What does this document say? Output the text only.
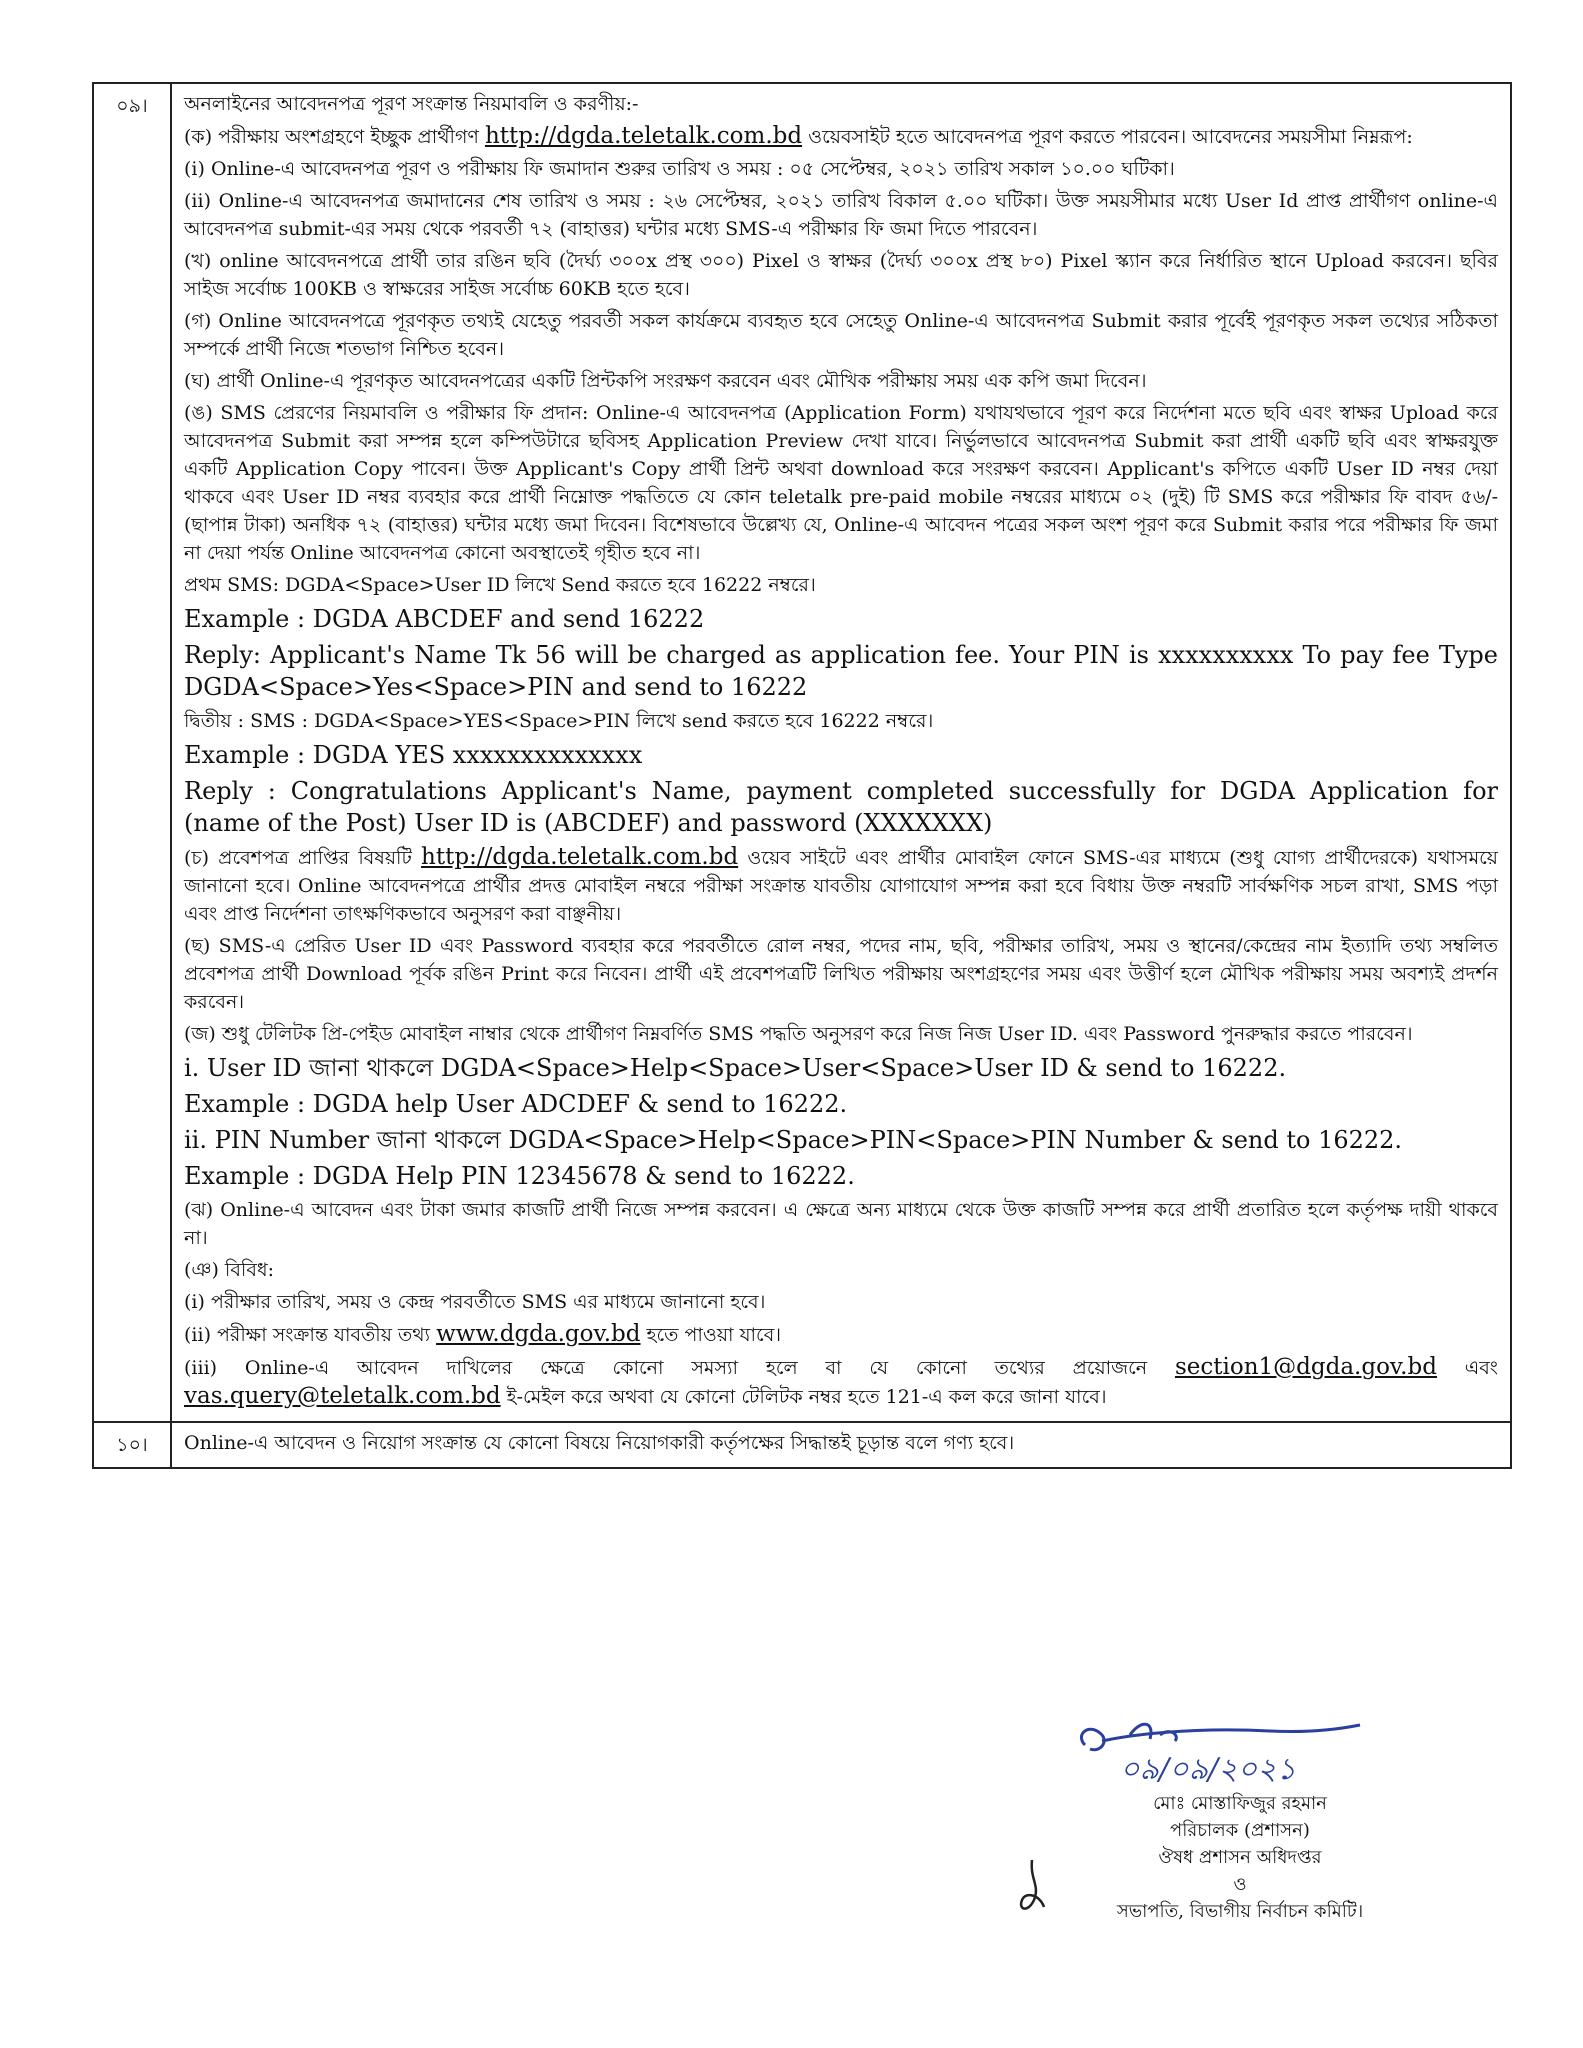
০৯।	অনলাইনের আবেদনপত্র পূরণ সংক্রান্ত নিয়মাবলি ও করণীয়:-

(ক) পরীক্ষায় অংশগ্রহণে ইচ্ছুক প্রার্থীগণ http://dgda.teletalk.com.bd ওয়েবসাইট হতে আবেদনপত্র পূরণ করতে পারবেন। আবেদনের সময়সীমা নিম্নরূপ:

(i) Online-এ আবেদনপত্র পূরণ ও পরীক্ষায় ফি জমাদান শুরুর তারিখ ও সময় : ০৫ সেপ্টেম্বর, ২০২১ তারিখ সকাল ১০.০০ ঘটিকা।

(ii) Online-এ আবেদনপত্র জমাদানের শেষ তারিখ ও সময় : ২৬ সেপ্টেম্বর, ২০২১ তারিখ বিকাল ৫.০০ ঘটিকা। উক্ত সময়সীমার মধ্যে User Id প্রাপ্ত প্রার্থীগণ online-এ আবেদনপত্র submit-এর সময় থেকে পরবর্তী ৭২ (বাহাত্তর) ঘন্টার মধ্যে SMS-এ পরীক্ষার ফি জমা দিতে পারবেন।

(খ) online আবেদনপত্রে প্রার্থী তার রঙিন ছবি (দৈর্ঘ্য ৩০০x প্রস্থ ৩০০) Pixel ও স্বাক্ষর (দৈর্ঘ্য ৩০০x প্রস্থ ৮০) Pixel স্ক্যান করে নির্ধারিত স্থানে Upload করবেন। ছবির সাইজ সর্বোচ্চ 100KB ও স্বাক্ষরের সাইজ সর্বোচ্চ 60KB হতে হবে।

(গ) Online আবেদনপত্রে পূরণকৃত তথ্যই যেহেতু পরবর্তী সকল কার্যক্রমে ব্যবহৃত হবে সেহেতু Online-এ আবেদনপত্র Submit করার পূর্বেই পূরণকৃত সকল তথ্যের সঠিকতা সম্পর্কে প্রার্থী নিজে শতভাগ নিশ্চিত হবেন।

(ঘ) প্রার্থী Online-এ পূরণকৃত আবেদনপত্রের একটি প্রিন্টকপি সংরক্ষণ করবেন এবং মৌখিক পরীক্ষায় সময় এক কপি জমা দিবেন।

(ঙ) SMS প্রেরণের নিয়মাবলি ও পরীক্ষার ফি প্রদান: Online-এ আবেদনপত্র (Application Form) যথাযথভাবে পূরণ করে নির্দেশনা মতে ছবি এবং স্বাক্ষর Upload করে আবেদনপত্র Submit করা সম্পন্ন হলে কম্পিউটারে ছবিসহ Application Preview দেখা যাবে। নির্ভুলভাবে আবেদনপত্র Submit করা প্রার্থী একটি ছবি এবং স্বাক্ষরযুক্ত একটি Application Copy পাবেন। উক্ত Applicant's Copy প্রার্থী প্রিন্ট অথবা download করে সংরক্ষণ করবেন। Applicant's কপিতে একটি User ID নম্বর দেয়া থাকবে এবং User ID নম্বর ব্যবহার করে প্রার্থী নিম্নোক্ত পদ্ধতিতে যে কোন teletalk pre-paid mobile নম্বরের মাধ্যমে ০২ (দুই) টি SMS করে পরীক্ষার ফি বাবদ ৫৬/- (ছাপান্ন টাকা) অনধিক ৭২ (বাহাত্তর) ঘন্টার মধ্যে জমা দিবেন। বিশেষভাবে উল্লেখ্য যে, Online-এ আবেদন পত্রের সকল অংশ পূরণ করে Submit করার পরে পরীক্ষার ফি জমা না দেয়া পর্যন্ত Online আবেদনপত্র কোনো অবস্থাতেই গৃহীত হবে না।

প্রথম SMS: DGDA<Space>User ID লিখে Send করতে হবে 16222 নম্বরে।

Example : DGDA ABCDEF and send 16222

Reply: Applicant's Name Tk 56 will be charged as application fee. Your PIN is xxxxxxxxxx To pay fee Type DGDA<Space>Yes<Space>PIN and send to 16222

দ্বিতীয় : SMS : DGDA<Space>YES<Space>PIN লিখে send করতে হবে 16222 নম্বরে।

Example : DGDA YES xxxxxxxxxxxxxx

Reply : Congratulations Applicant's Name, payment completed successfully for DGDA Application for (name of the Post) User ID is (ABCDEF) and password (XXXXXXX)

(চ) প্রবেশপত্র প্রাপ্তির বিষয়টি http://dgda.teletalk.com.bd ওয়েব সাইটে এবং প্রার্থীর মোবাইল ফোনে SMS-এর মাধ্যমে (শুধু যোগ্য প্রার্থীদেরকে) যথাসময়ে জানানো হবে। Online আবেদনপত্রে প্রার্থীর প্রদত্ত মোবাইল নম্বরে পরীক্ষা সংক্রান্ত যাবতীয় যোগাযোগ সম্পন্ন করা হবে বিধায় উক্ত নম্বরটি সার্বক্ষণিক সচল রাখা, SMS পড়া এবং প্রাপ্ত নির্দেশনা তাৎক্ষণিকভাবে অনুসরণ করা বাঞ্ছনীয়।

(ছ) SMS-এ প্রেরিত User ID এবং Password ব্যবহার করে পরবর্তীতে রোল নম্বর, পদের নাম, ছবি, পরীক্ষার তারিখ, সময় ও স্থানের/কেন্দ্রের নাম ইত্যাদি তথ্য সম্বলিত প্রবেশপত্র প্রার্থী Download পূর্বক রঙিন Print করে নিবেন। প্রার্থী এই প্রবেশপত্রটি লিখিত পরীক্ষায় অংশগ্রহণের সময় এবং উত্তীর্ণ হলে মৌখিক পরীক্ষায় সময় অবশ্যই প্রদর্শন করবেন।

(জ) শুধু টেলিটক প্রি-পেইড মোবাইল নাম্বার থেকে প্রার্থীগণ নিম্নবর্ণিত SMS পদ্ধতি অনুসরণ করে নিজ নিজ User ID. এবং Password পুনরুদ্ধার করতে পারবেন।

i. User ID জানা থাকলে DGDA<Space>Help<Space>User<Space>User ID & send to 16222.

Example : DGDA help User ADCDEF & send to 16222.

ii. PIN Number জানা থাকলে DGDA<Space>Help<Space>PIN<Space>PIN Number & send to 16222.

Example : DGDA Help PIN 12345678 & send to 16222.

(ঝ) Online-এ আবেদন এবং টাকা জমার কাজটি প্রার্থী নিজে সম্পন্ন করবেন। এ ক্ষেত্রে অন্য মাধ্যমে থেকে উক্ত কাজটি সম্পন্ন করে প্রার্থী প্রতারিত হলে কর্তৃপক্ষ দায়ী থাকবে না।

(ঞ) বিবিধ:

(i) পরীক্ষার তারিখ, সময় ও কেন্দ্র পরবর্তীতে SMS এর মাধ্যমে জানানো হবে।

(ii) পরীক্ষা সংক্রান্ত যাবতীয় তথ্য www.dgda.gov.bd হতে পাওয়া যাবে।

(iii) Online-এ আবেদন দাখিলের ক্ষেত্রে কোনো সমস্যা হলে বা যে কোনো তথ্যের প্রয়োজনে section1@dgda.gov.bd এবং vas.query@teletalk.com.bd ই-মেইল করে অথবা যে কোনো টেলিটক নম্বর হতে 121-এ কল করে জানা যাবে।

১০।	Online-এ আবেদন ও নিয়োগ সংক্রান্ত যে কোনো বিষয়ে নিয়োগকারী কর্তৃপক্ষের সিদ্ধান্তই চূড়ান্ত বলে গণ্য হবে।

০৯/০৯/২০২১

মোঃ মোস্তাফিজুর রহমান

পরিচালক (প্রশাসন)

ঔষধ প্রশাসন অধিদপ্তর

ও

সভাপতি, বিভাগীয় নির্বাচন কমিটি।
